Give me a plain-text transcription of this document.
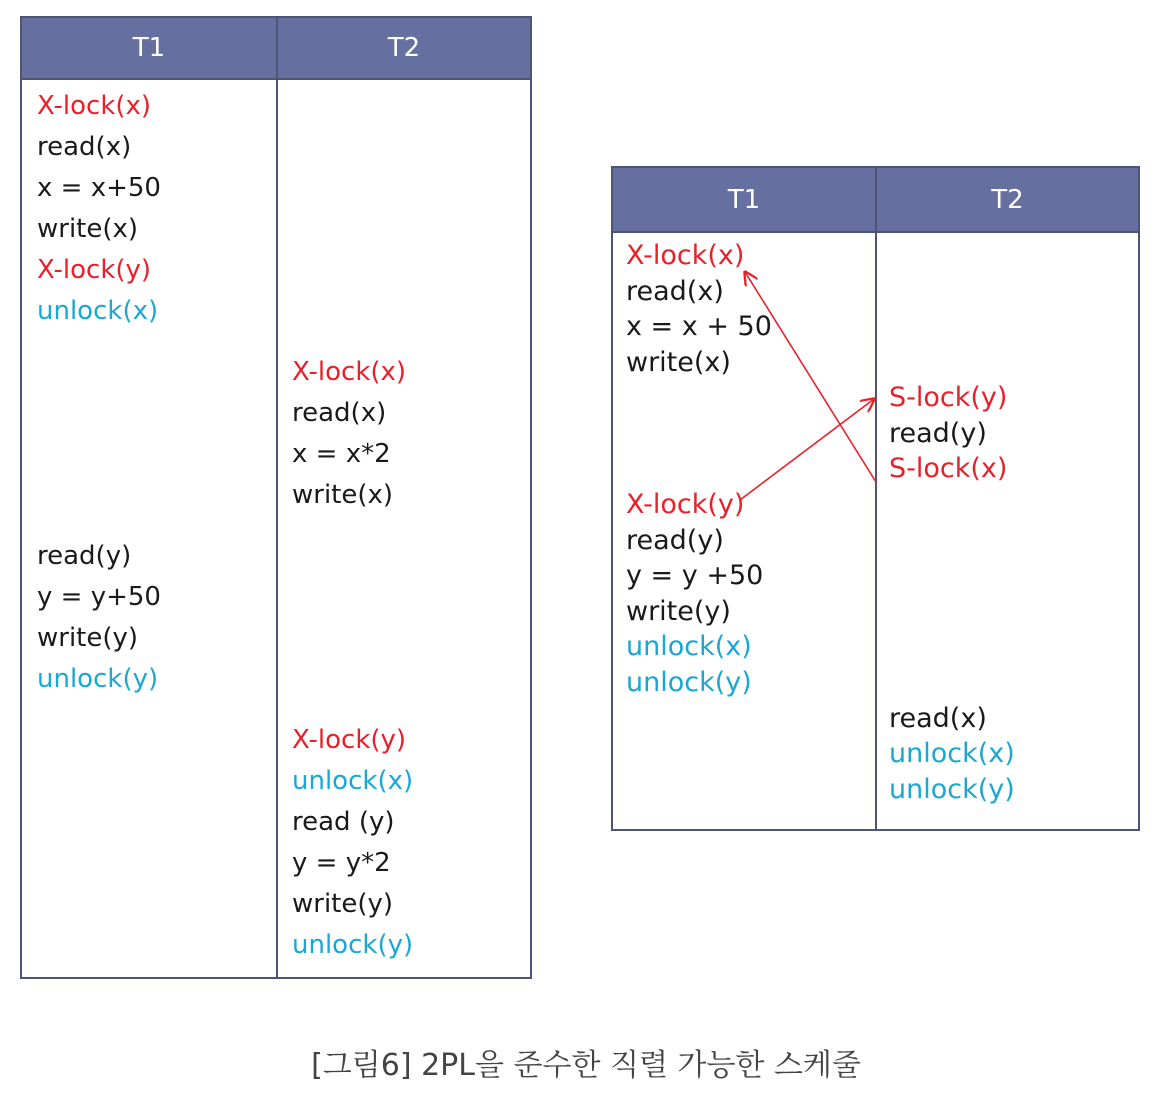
T1	T2
X-lock(x)
read(x)
x = x+50
write(x)
X-lock(y)
unlock(x)
read(y)
y = y+50
write(y)
unlock(y)
X-lock(x)
read(x)
x = x*2
write(x)
X-lock(y)
unlock(x)
read (y)
y = y*2
write(y)
unlock(y)
T1	T2
X-lock(x)
read(x)
x = x + 50
write(x)
X-lock(y)
read(y)
y = y +50
write(y)
unlock(x)
unlock(y)
S-lock(y)
read(y)
S-lock(x)
read(x)
unlock(x)
unlock(y)
[그림6] 2PL을 준수한 직렬 가능한 스케줄
